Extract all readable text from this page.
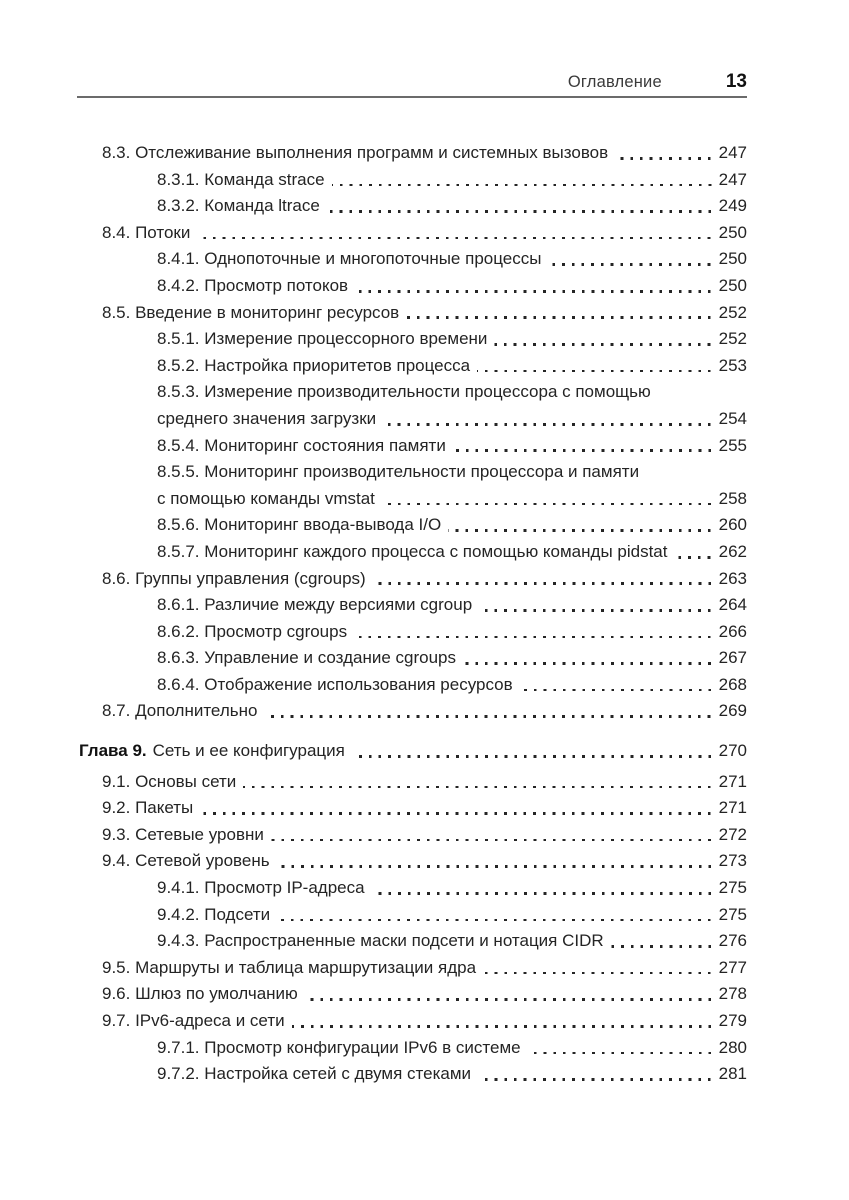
Оглавление	13
8.3. Отслеживание выполнения программ и системных вызовов	247
8.3.1. Команда strace	247
8.3.2. Команда ltrace	249
8.4. Потоки	250
8.4.1. Однопоточные и многопоточные процессы	250
8.4.2. Просмотр потоков	250
8.5. Введение в мониторинг ресурсов	252
8.5.1. Измерение процессорного времени	252
8.5.2. Настройка приоритетов процесса	253
8.5.3. Измерение производительности процессора с помощью
среднего значения загрузки	254
8.5.4. Мониторинг состояния памяти	255
8.5.5. Мониторинг производительности процессора и памяти
с помощью команды vmstat	258
8.5.6. Мониторинг ввода-вывода I/O	260
8.5.7. Мониторинг каждого процесса с помощью команды pidstat	262
8.6. Группы управления (cgroups)	263
8.6.1. Различие между версиями cgroup	264
8.6.2. Просмотр cgroups	266
8.6.3. Управление и создание cgroups	267
8.6.4. Отображение использования ресурсов	268
8.7. Дополнительно	269
Глава 9. Сеть и ее конфигурация	270
9.1. Основы сети	271
9.2. Пакеты	271
9.3. Сетевые уровни	272
9.4. Сетевой уровень	273
9.4.1. Просмотр IP-адреса	275
9.4.2. Подсети	275
9.4.3. Распространенные маски подсети и нотация CIDR	276
9.5. Маршруты и таблица маршрутизации ядра	277
9.6. Шлюз по умолчанию	278
9.7. IPv6-адреса и сети	279
9.7.1. Просмотр конфигурации IPv6 в системе	280
9.7.2. Настройка сетей с двумя стеками	281
